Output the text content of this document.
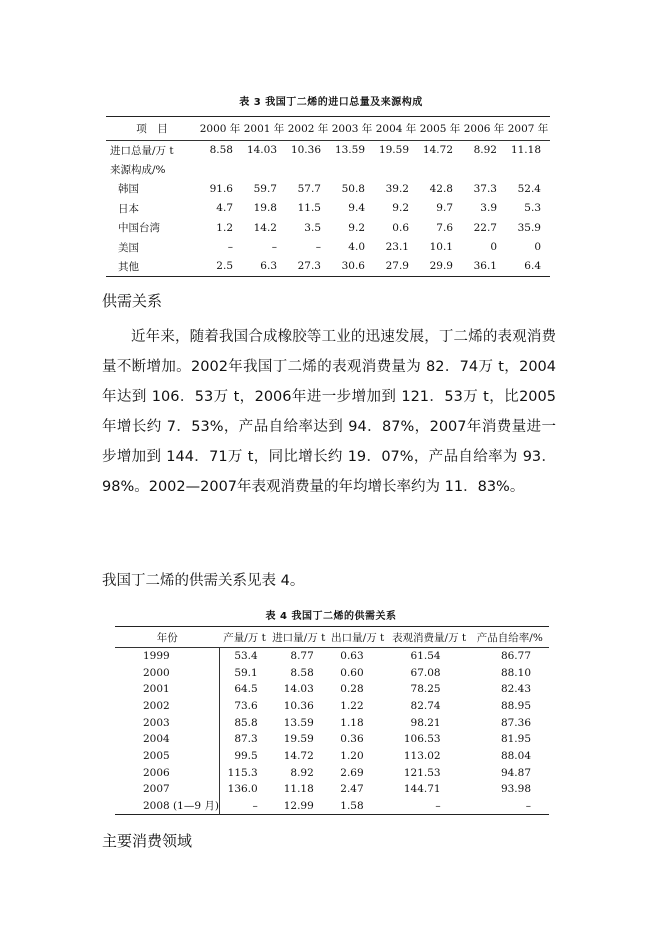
表 3 我国丁二烯的进口总量及来源构成
项　目	2000 年	2001 年	2002 年	2003 年	2004 年	2005 年	2006 年	2007 年
进口总量/万 t	8.58	14.03	10.36	13.59	19.59	14.72	8.92	11.18
来源构成/%								
韩国	91.6	59.7	57.7	50.8	39.2	42.8	37.3	52.4
日本	4.7	19.8	11.5	9.4	9.2	9.7	3.9	5.3
中国台湾	1.2	14.2	3.5	9.2	0.6	7.6	22.7	35.9
美国	–	–	–	4.0	23.1	10.1	0	0
其他	2.5	6.3	27.3	30.6	27.9	29.9	36.1	6.4
供需关系

近年来，随着我国合成橡胶等工业的迅速发展，丁二烯的表观消费量不断增加。2002年我国丁二烯的表观消费量为 82．74万 t，2004年达到 106．53万 t，2006年进一步增加到 121．53万 t，比2005年增长约 7．53%，产品自给率达到 94．87%，2007年消费量进一步增加到 144．71万 t，同比增长约 19．07%，产品自给率为 93．98%。2002—2007年表观消费量的年均增长率约为 11．83%。

我国丁二烯的供需关系见表 4。

表 4 我国丁二烯的供需关系
年份	产量/万 t	进口量/万 t	出口量/万 t	表观消费量/万 t	产品自给率/%
1999	53.4	8.77	0.63	61.54	86.77
2000	59.1	8.58	0.60	67.08	88.10
2001	64.5	14.03	0.28	78.25	82.43
2002	73.6	10.36	1.22	82.74	88.95
2003	85.8	13.59	1.18	98.21	87.36
2004	87.3	19.59	0.36	106.53	81.95
2005	99.5	14.72	1.20	113.02	88.04
2006	115.3	8.92	2.69	121.53	94.87
2007	136.0	11.18	2.47	144.71	93.98
2008 (1—9 月)	–	12.99	1.58	–	–
主要消费领域
